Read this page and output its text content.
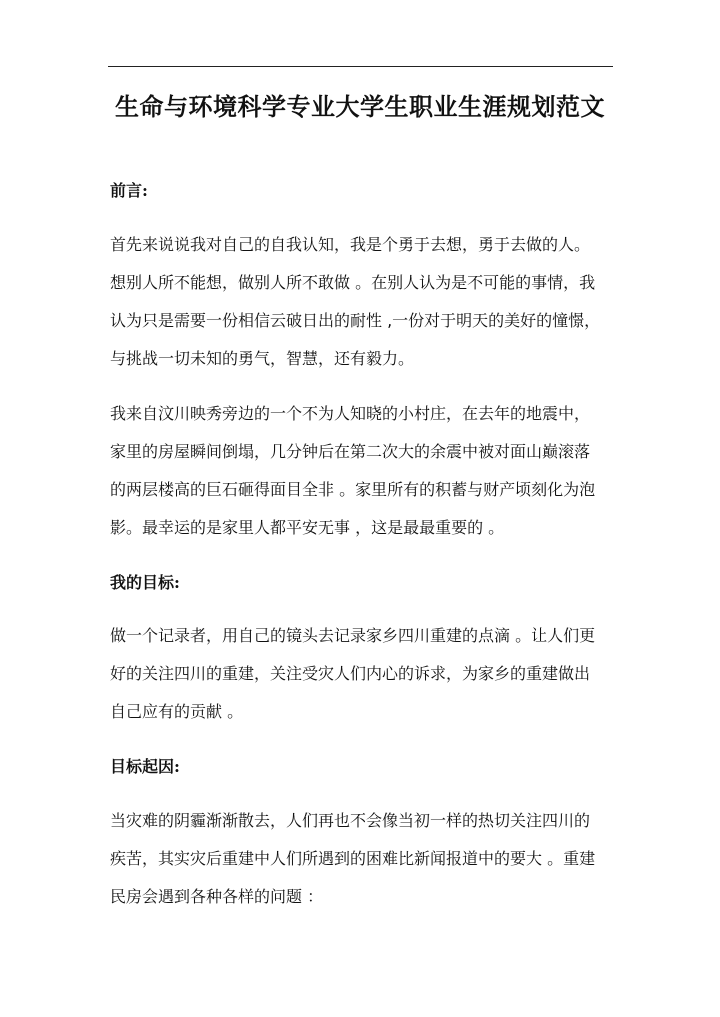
生命与环境科学专业大学生职业生涯规划范文
前言:
首先来说说我对自己的自我认知，我是个勇于去想，勇于去做的人。
想别人所不能想，做别人所不敢做 。在别人认为是不可能的事情，我
认为只是需要一份相信云破日出的耐性 ,一份对于明天的美好的憧憬，
与挑战一切未知的勇气，智慧，还有毅力。
我来自汶川映秀旁边的一个不为人知晓的小村庄，在去年的地震中，
家里的房屋瞬间倒塌，几分钟后在第二次大的余震中被对面山巅滚落
的两层楼高的巨石砸得面目全非 。家里所有的积蓄与财产顷刻化为泡
影。最幸运的是家里人都平安无事 ，这是最最重要的 。
我的目标:
做一个记录者，用自己的镜头去记录家乡四川重建的点滴 。让人们更
好的关注四川的重建，关注受灾人们内心的诉求，为家乡的重建做出
自己应有的贡献 。
目标起因:
当灾难的阴霾渐渐散去，人们再也不会像当初一样的热切关注四川的
疾苦，其实灾后重建中人们所遇到的困难比新闻报道中的要大 。重建
民房会遇到各种各样的问题 ：
